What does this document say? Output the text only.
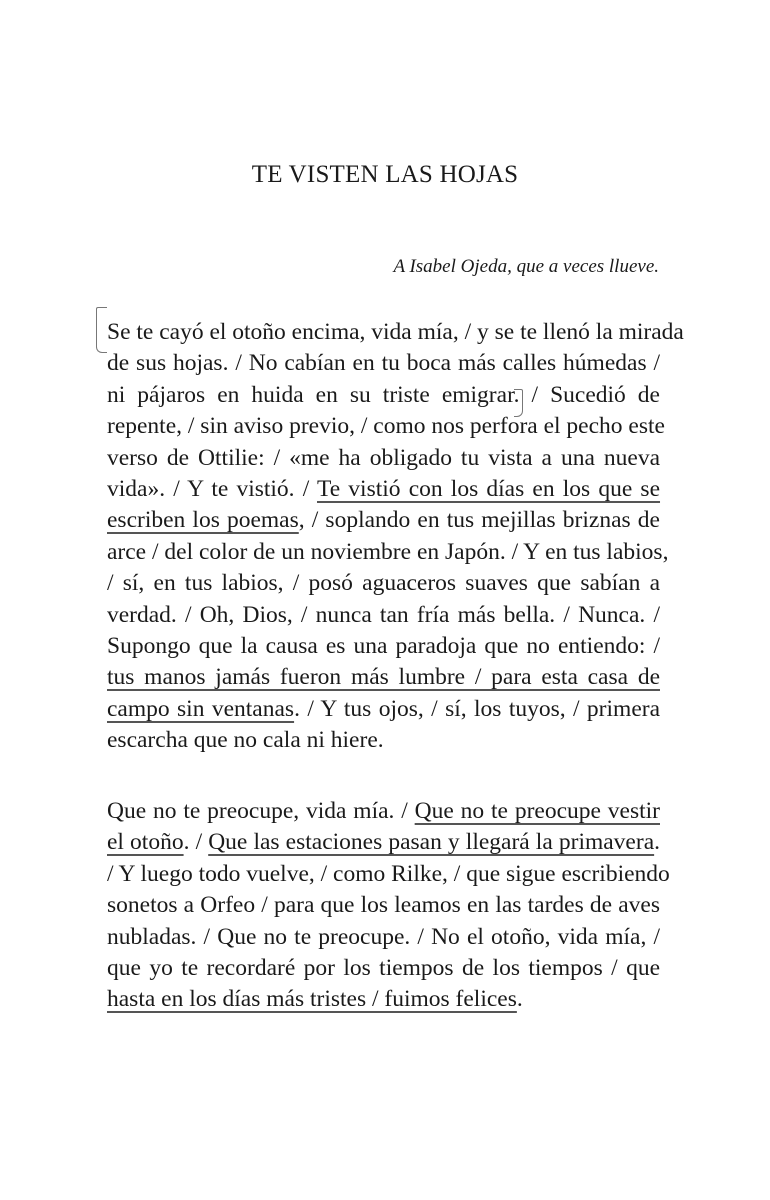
TE VISTEN LAS HOJAS
A Isabel Ojeda, que a veces llueve.
Se te cayó el otoño encima, vida mía, / y se te llenó la mirada
de sus hojas. / No cabían en tu boca más calles húmedas /
ni pájaros en huida en su triste emigrar. / Sucedió de
repente, / sin aviso previo, / como nos perfora el pecho este
verso de Ottilie: / «me ha obligado tu vista a una nueva
vida». / Y te vistió. / Te vistió con los días en los que se
escriben los poemas, / soplando en tus mejillas briznas de
arce / del color de un noviembre en Japón. / Y en tus labios,
/ sí, en tus labios, / posó aguaceros suaves que sabían a
verdad. / Oh, Dios, / nunca tan fría más bella. / Nunca. /
Supongo que la causa es una paradoja que no entiendo: /
tus manos jamás fueron más lumbre / para esta casa de
campo sin ventanas. / Y tus ojos, / sí, los tuyos, / primera
escarcha que no cala ni hiere.
Que no te preocupe, vida mía. / Que no te preocupe vestir
el otoño. / Que las estaciones pasan y llegará la primavera.
/ Y luego todo vuelve, / como Rilke, / que sigue escribiendo
sonetos a Orfeo / para que los leamos en las tardes de aves
nubladas. / Que no te preocupe. / No el otoño, vida mía, /
que yo te recordaré por los tiempos de los tiempos / que
hasta en los días más tristes / fuimos felices.
